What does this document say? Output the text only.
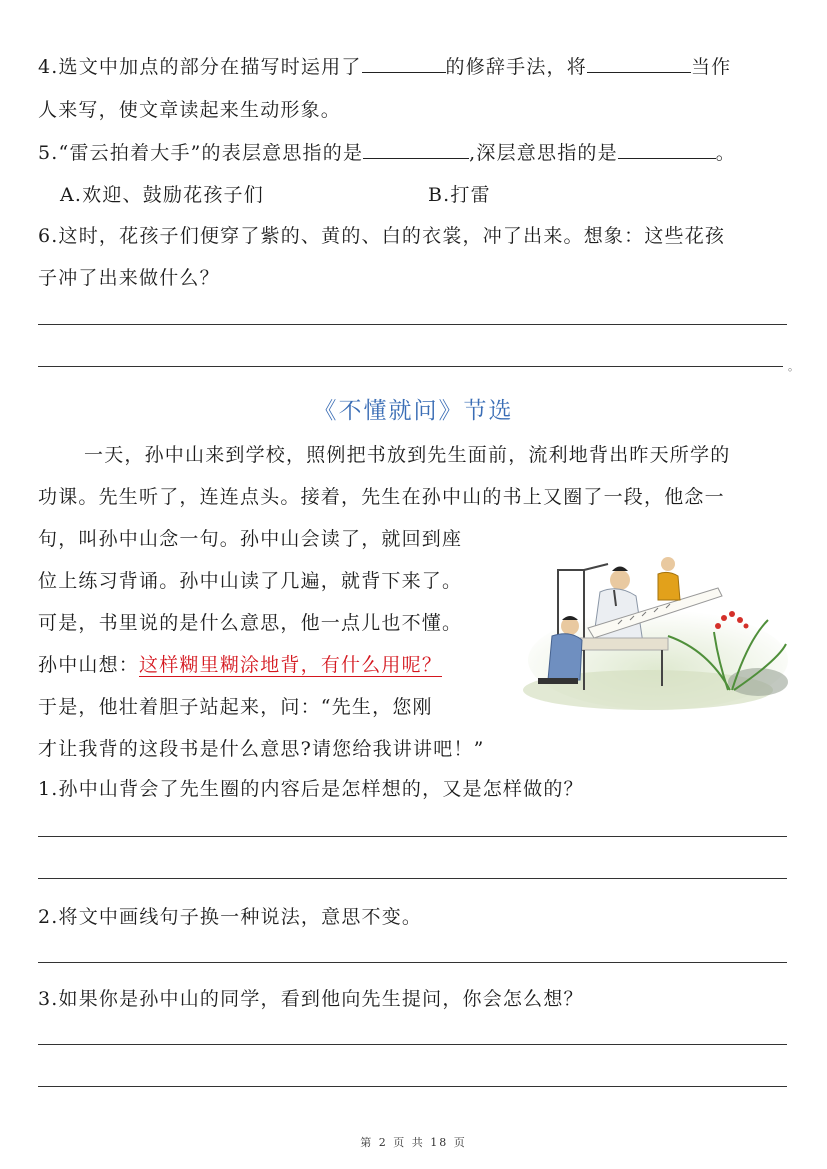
4.选文中加点的部分在描写时运用了	的修辞手法，将	当作
人来写，使文章读起来生动形象。
5.“雷云拍着大手”的表层意思指的是	,深层意思指的是	。
A.欢迎、鼓励花孩子们	B.打雷
6.这时，花孩子们便穿了紫的、黄的、白的衣裳，冲了出来。想象：这些花孩
子冲了出来做什么？
。
《不懂就问》节选
一天，孙中山来到学校，照例把书放到先生面前，流利地背出昨天所学的
功课。先生听了，连连点头。接着，先生在孙中山的书上又圈了一段，他念一
句，叫孙中山念一句。孙中山会读了，就回到座
位上练习背诵。孙中山读了几遍，就背下来了。
可是，书里说的是什么意思，他一点儿也不懂。
孙中山想：这样糊里糊涂地背，有什么用呢？
于是，他壮着胆子站起来，问：“先生，您刚
才让我背的这段书是什么意思?请您给我讲讲吧！”
1.孙中山背会了先生圈的内容后是怎样想的，又是怎样做的？
2.将文中画线句子换一种说法，意思不变。
3.如果你是孙中山的同学，看到他向先生提问，你会怎么想？
第 2 页 共 18 页
